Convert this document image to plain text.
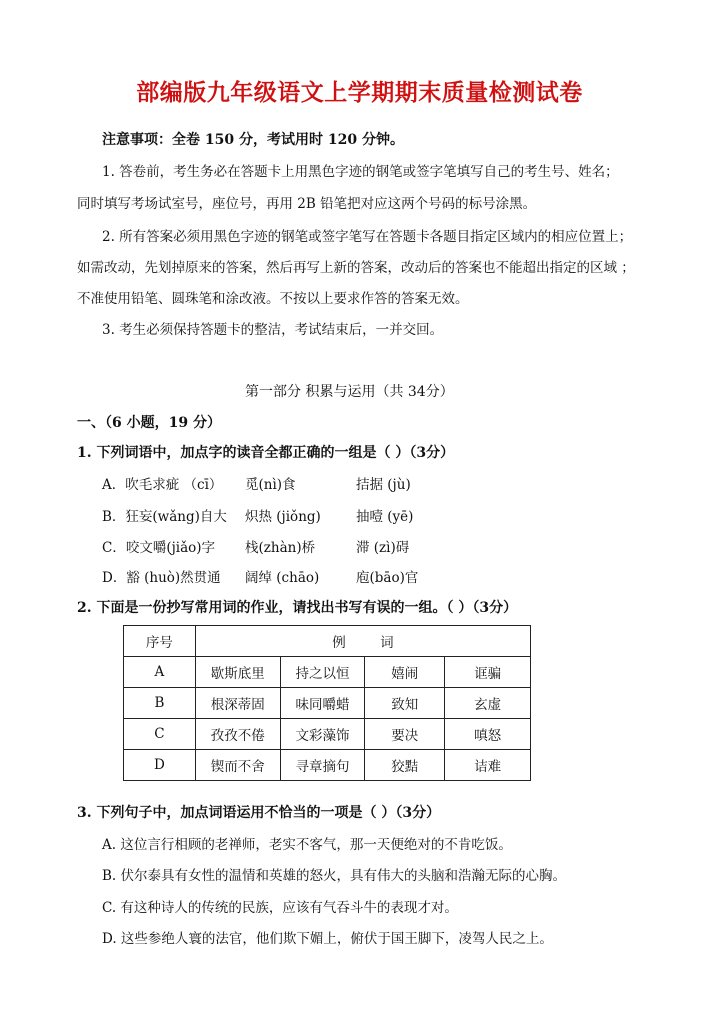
部编版九年级语文上学期期末质量检测试卷
注意事项：全卷 150 分，考试用时 120 分钟。
1. 答卷前，考生务必在答题卡上用黑色字迹的钢笔或签字笔填写自己的考生号、姓名；
同时填写考场试室号，座位号，再用 2B 铅笔把对应这两个号码的标号涂黑。
2. 所有答案必须用黑色字迹的钢笔或签字笔写在答题卡各题目指定区域内的相应位置上；
如需改动，先划掉原来的答案，然后再写上新的答案，改动后的答案也不能超出指定的区域 ；
不准使用铅笔、圆珠笔和涂改液。不按以上要求作答的答案无效。
3. 考生必须保持答题卡的整洁，考试结束后，一并交回。
第一部分 积累与运用（共 34分）
一、（6 小题，19 分）
1. 下列词语中，加点字的读音全都正确的一组是（ ）（3分）
A．吹毛求疵 （cī） 觅(nì)食	拮据 (jù)
B．狂妄(wǎng)自大 炽热 (jiǒng)	抽噎 (yē)
C．咬文嚼(jiǎo)字 栈(zhàn)桥	滞 (zì)碍
D．豁 (huò)然贯通 阔绰 (chāo)	庖(bāo)官
2. 下面是一份抄写常用词的作业，请找出书写有误的一组。（ ）（3分）
序号	例        词			
A	歇斯底里	持之以恒	嬉闹	诓骗
B	根深蒂固	味同嚼蜡	致知	玄虚
C	孜孜不倦	文彩藻饰	要决	嗔怒
D	锲而不舍	寻章摘句	狡黠	诘难
3. 下列句子中，加点词语运用不恰当的一项是（ ）（3分）
A. 这位言行相顾的老禅师，老实不客气，那一天便绝对的不肯吃饭。
B. 伏尔泰具有女性的温情和英雄的怒火，具有伟大的头脑和浩瀚无际的心胸。
C. 有这种诗人的传统的民族，应该有气吞斗牛的表现才对。
D. 这些参绝人寰的法官，他们欺下媚上，俯伏于国王脚下，凌驾人民之上。
